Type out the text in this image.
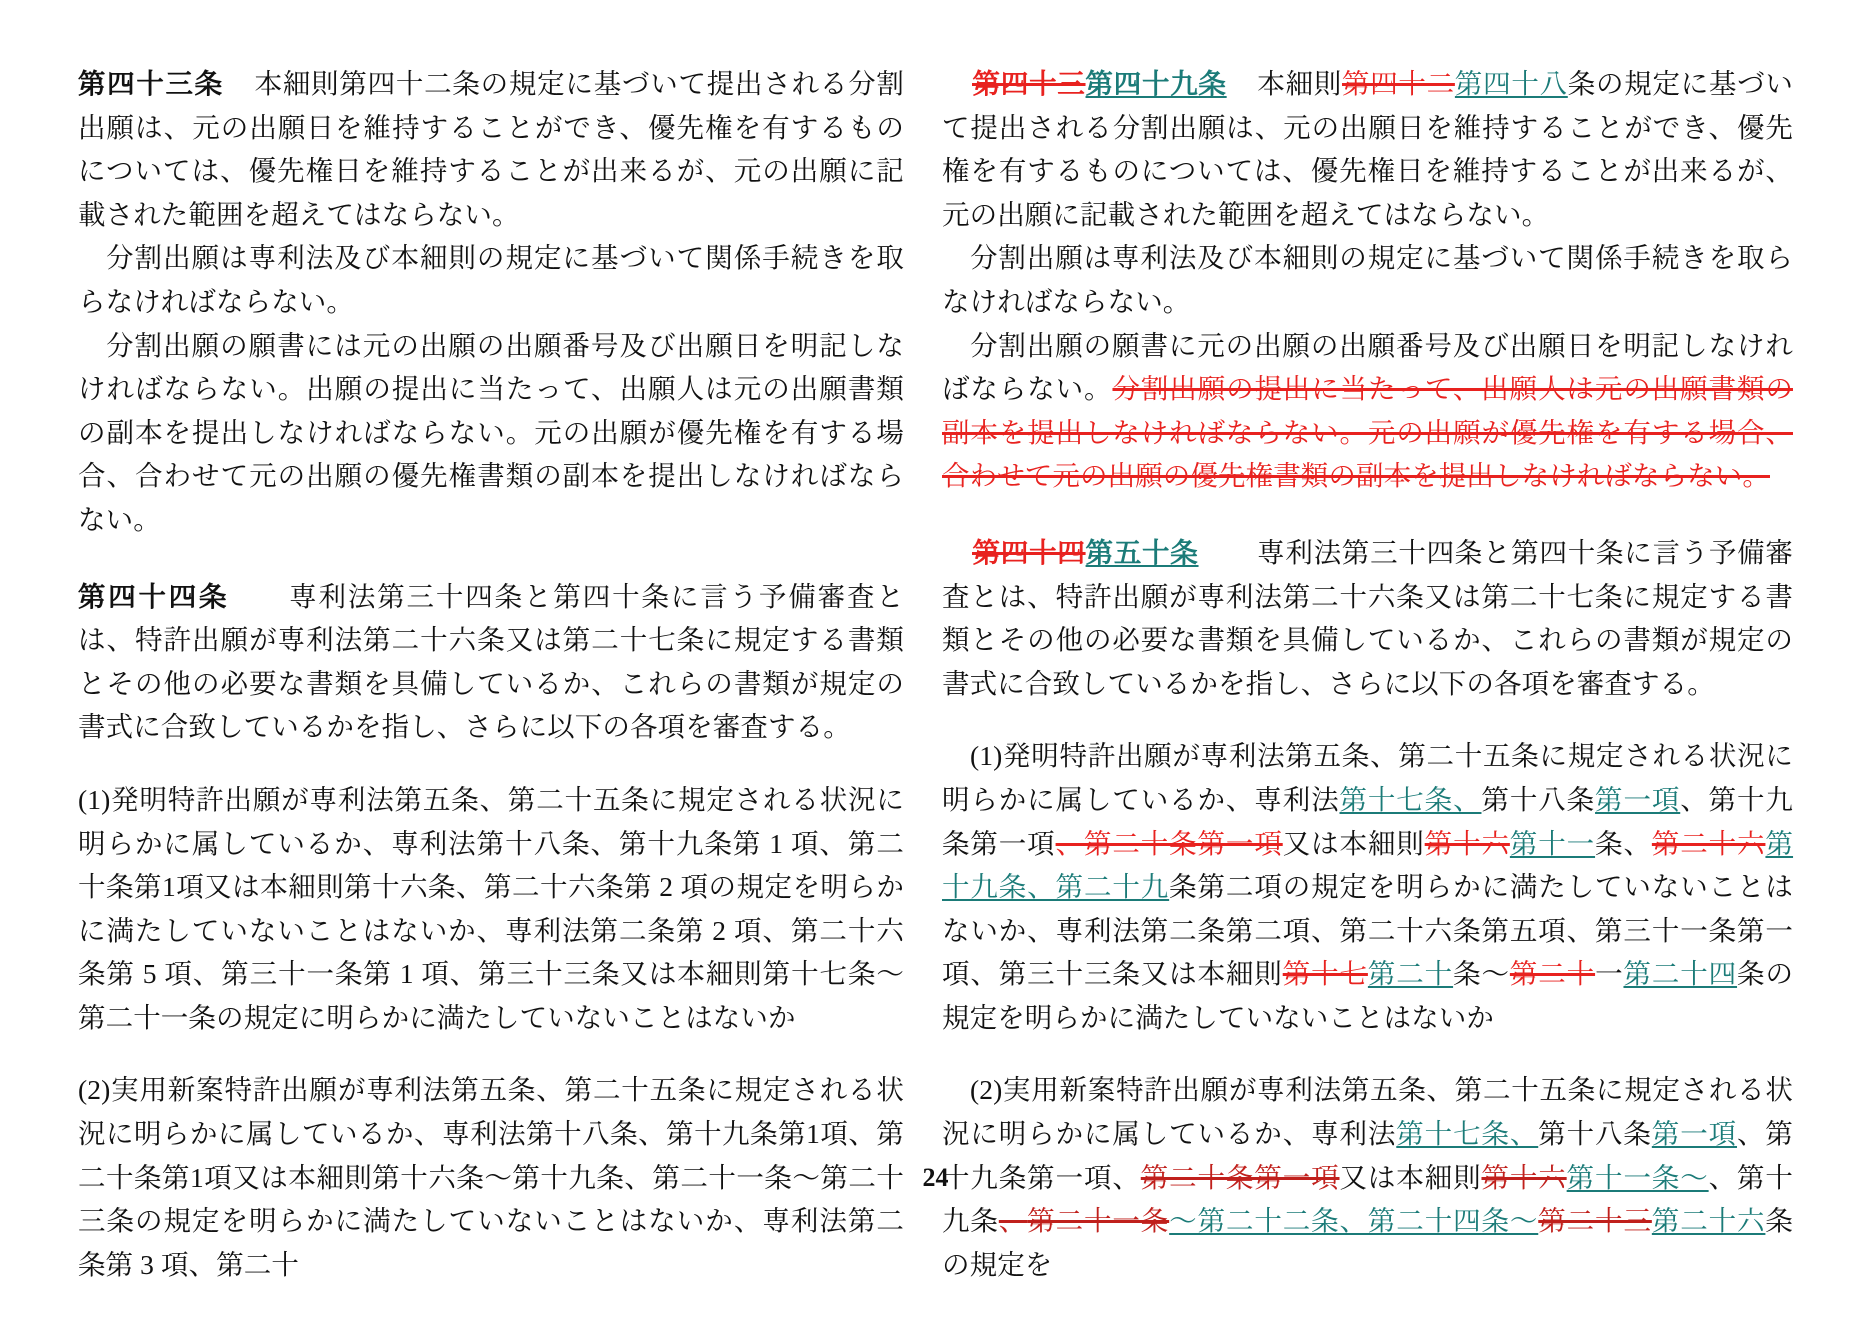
第四十三条 本細則第四十二条の規定に基づいて提出される分割出願は、元の出願日を維持することができ、優先権を有するものについては、優先権日を維持することが出来るが、元の出願に記載された範囲を超えてはならない。

分割出願は専利法及び本細則の規定に基づいて関係手続きを取らなければならない。

分割出願の願書には元の出願の出願番号及び出願日を明記しなければならない。出願の提出に当たって、出願人は元の出願書類の副本を提出しなければならない。元の出願が優先権を有する場合、合わせて元の出願の優先権書類の副本を提出しなければならない。

第四十四条 専利法第三十四条と第四十条に言う予備審査とは、特許出願が専利法第二十六条又は第二十七条に規定する書類とその他の必要な書類を具備しているか、これらの書類が規定の書式に合致しているかを指し、さらに以下の各項を審査する。

(1)発明特許出願が専利法第五条、第二十五条に規定される状況に明らかに属しているか、専利法第十八条、第十九条第 1 項、第二十条第1項又は本細則第十六条、第二十六条第 2 項の規定を明らかに満たしていないことはないか、専利法第二条第 2 項、第二十六条第 5 項、第三十一条第 1 項、第三十三条又は本細則第十七条〜第二十一条の規定に明らかに満たしていないことはないか

(2)実用新案特許出願が専利法第五条、第二十五条に規定される状況に明らかに属しているか、専利法第十八条、第十九条第1項、第二十条第1項又は本細則第十六条〜第十九条、第二十一条〜第二十三条の規定を明らかに満たしていないことはないか、専利法第二条第 3 項、第二十

第四十三第四十九条 本細則第四十二第四十八条の規定に基づいて提出される分割出願は、元の出願日を維持することができ、優先権を有するものについては、優先権日を維持することが出来るが、元の出願に記載された範囲を超えてはならない。

分割出願は専利法及び本細則の規定に基づいて関係手続きを取らなければならない。

分割出願の願書に元の出願の出願番号及び出願日を明記しなければならない。分割出願の提出に当たって、出願人は元の出願書類の副本を提出しなければならない。元の出願が優先権を有する場合、合わせて元の出願の優先権書類の副本を提出しなければならない。

第四十四第五十条 専利法第三十四条と第四十条に言う予備審査とは、特許出願が専利法第二十六条又は第二十七条に規定する書類とその他の必要な書類を具備しているか、これらの書類が規定の書式に合致しているかを指し、さらに以下の各項を審査する。

(1)発明特許出願が専利法第五条、第二十五条に規定される状況に明らかに属しているか、専利法第十七条、第十八条第一項、第十九条第一項、第二十条第一項又は本細則第十六第十一条、第二十六第十九条、第二十九条第二項の規定を明らかに満たしていないことはないか、専利法第二条第二項、第二十六条第五項、第三十一条第一項、第三十三条又は本細則第十七第二十条〜第二十一第二十四条の規定を明らかに満たしていないことはないか

(2)実用新案特許出願が専利法第五条、第二十五条に規定される状況に明らかに属しているか、専利法第十七条、第十八条第一項、第十九条第一項、第二十条第一項又は本細則第十六第十一条〜、第十九条、第二十一条〜第二十二条、第二十四条〜第二十三第二十六条の規定を

24
